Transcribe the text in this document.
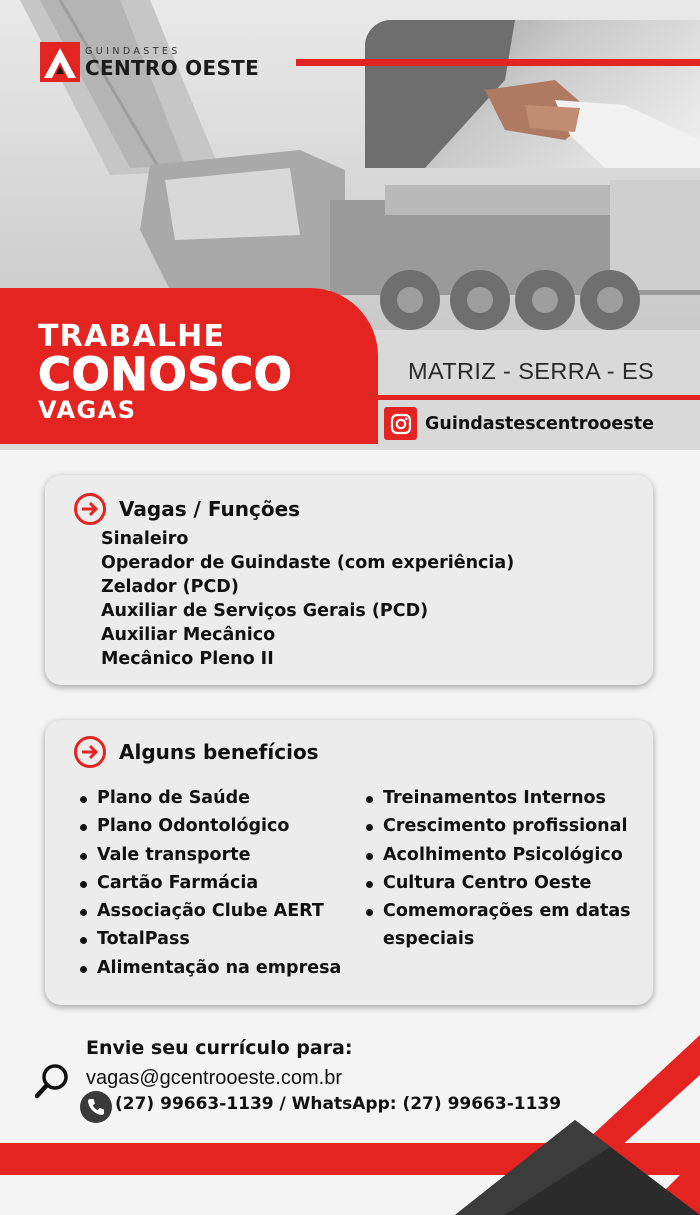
GUINDASTES
CENTRO OESTE
TRABALHE
CONOSCO
VAGAS
MATRIZ - SERRA - ES
Guindastescentrooeste
Vagas / Funções
Sinaleiro
Operador de Guindaste (com experiência)
Zelador (PCD)
Auxiliar de Serviços Gerais (PCD)
Auxiliar Mecânico
Mecânico Pleno II
Alguns benefícios
Plano de Saúde
Plano Odontológico
Vale transporte
Cartão Farmácia
Associação Clube AERT
TotalPass
Alimentação na empresa
Treinamentos Internos
Crescimento profissional
Acolhimento Psicológico
Cultura Centro Oeste
Comemorações em datas especiais
Envie seu currículo para:
vagas@gcentrooeste.com.br
(27) 99663-1139 / WhatsApp: (27) 99663-1139
